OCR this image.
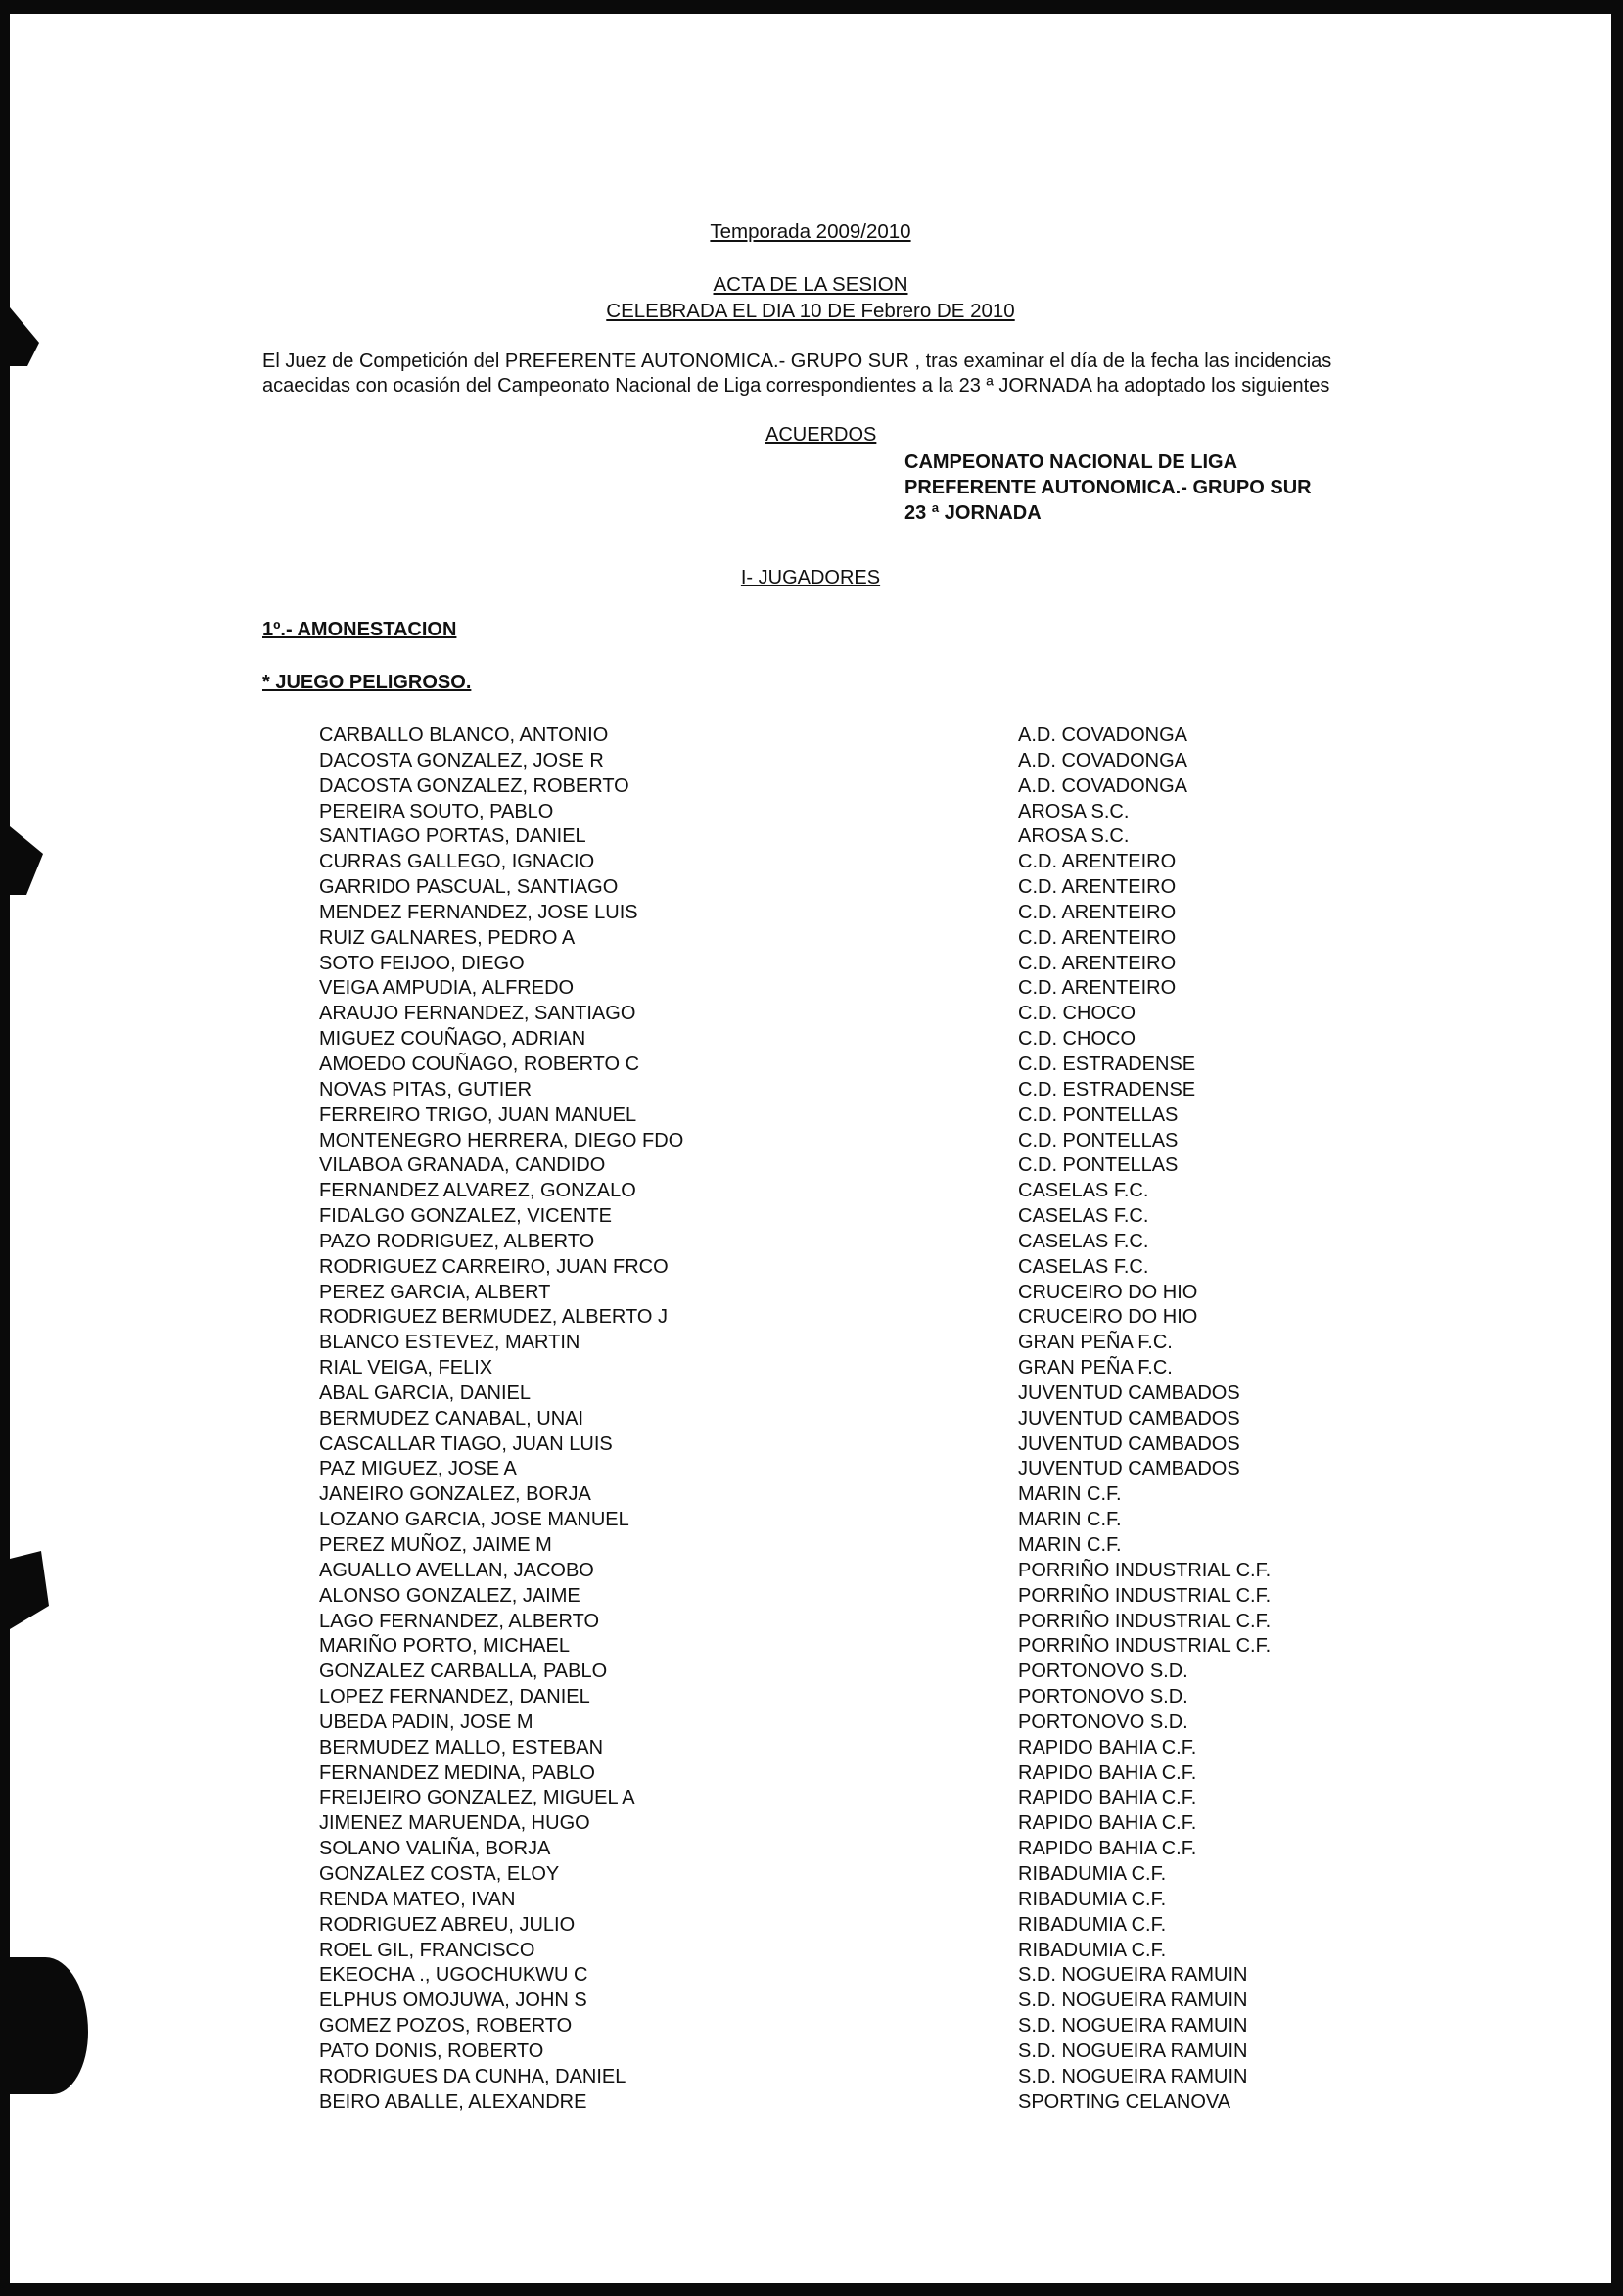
Temporada 2009/2010
ACTA DE LA SESION
CELEBRADA EL DIA 10 DE Febrero DE 2010
El Juez de Competición del PREFERENTE AUTONOMICA.- GRUPO SUR , tras examinar el día de la fecha las incidencias
acaecidas con ocasión del Campeonato Nacional de Liga correspondientes a la 23 ª JORNADA ha adoptado los siguientes
ACUERDOS
CAMPEONATO NACIONAL DE LIGA
PREFERENTE AUTONOMICA.- GRUPO SUR
23 ª JORNADA
I- JUGADORES
1º.- AMONESTACION
* JUEGO PELIGROSO.
CARBALLO BLANCO, ANTONIO
DACOSTA GONZALEZ, JOSE R
DACOSTA GONZALEZ, ROBERTO
PEREIRA SOUTO, PABLO
SANTIAGO PORTAS, DANIEL
CURRAS GALLEGO, IGNACIO
GARRIDO PASCUAL, SANTIAGO
MENDEZ FERNANDEZ, JOSE LUIS
RUIZ GALNARES, PEDRO A
SOTO FEIJOO, DIEGO
VEIGA AMPUDIA, ALFREDO
ARAUJO FERNANDEZ, SANTIAGO
MIGUEZ COUÑAGO, ADRIAN
AMOEDO COUÑAGO, ROBERTO C
NOVAS PITAS, GUTIER
FERREIRO TRIGO, JUAN MANUEL
MONTENEGRO HERRERA, DIEGO FDO
VILABOA GRANADA, CANDIDO
FERNANDEZ ALVAREZ, GONZALO
FIDALGO GONZALEZ, VICENTE
PAZO RODRIGUEZ, ALBERTO
RODRIGUEZ CARREIRO, JUAN FRCO
PEREZ GARCIA, ALBERT
RODRIGUEZ BERMUDEZ, ALBERTO J
BLANCO ESTEVEZ, MARTIN
RIAL VEIGA, FELIX
ABAL GARCIA, DANIEL
BERMUDEZ CANABAL, UNAI
CASCALLAR TIAGO, JUAN LUIS
PAZ MIGUEZ, JOSE A
JANEIRO GONZALEZ, BORJA
LOZANO GARCIA, JOSE MANUEL
PEREZ MUÑOZ, JAIME M
AGUALLO AVELLAN, JACOBO
ALONSO GONZALEZ, JAIME
LAGO FERNANDEZ, ALBERTO
MARIÑO PORTO, MICHAEL
GONZALEZ CARBALLA, PABLO
LOPEZ FERNANDEZ, DANIEL
UBEDA PADIN, JOSE M
BERMUDEZ MALLO, ESTEBAN
FERNANDEZ MEDINA, PABLO
FREIJEIRO GONZALEZ, MIGUEL A
JIMENEZ MARUENDA, HUGO
SOLANO VALIÑA, BORJA
GONZALEZ COSTA, ELOY
RENDA MATEO, IVAN
RODRIGUEZ ABREU, JULIO
ROEL GIL, FRANCISCO
EKEOCHA ., UGOCHUKWU C
ELPHUS OMOJUWA, JOHN S
GOMEZ POZOS, ROBERTO
PATO DONIS, ROBERTO
RODRIGUES DA CUNHA, DANIEL
BEIRO ABALLE, ALEXANDRE
A.D. COVADONGA
A.D. COVADONGA
A.D. COVADONGA
AROSA S.C.
AROSA S.C.
C.D. ARENTEIRO
C.D. ARENTEIRO
C.D. ARENTEIRO
C.D. ARENTEIRO
C.D. ARENTEIRO
C.D. ARENTEIRO
C.D. CHOCO
C.D. CHOCO
C.D. ESTRADENSE
C.D. ESTRADENSE
C.D. PONTELLAS
C.D. PONTELLAS
C.D. PONTELLAS
CASELAS F.C.
CASELAS F.C.
CASELAS F.C.
CASELAS F.C.
CRUCEIRO DO HIO
CRUCEIRO DO HIO
GRAN PEÑA F.C.
GRAN PEÑA F.C.
JUVENTUD CAMBADOS
JUVENTUD CAMBADOS
JUVENTUD CAMBADOS
JUVENTUD CAMBADOS
MARIN C.F.
MARIN C.F.
MARIN C.F.
PORRIÑO INDUSTRIAL C.F.
PORRIÑO INDUSTRIAL C.F.
PORRIÑO INDUSTRIAL C.F.
PORRIÑO INDUSTRIAL C.F.
PORTONOVO S.D.
PORTONOVO S.D.
PORTONOVO S.D.
RAPIDO BAHIA C.F.
RAPIDO BAHIA C.F.
RAPIDO BAHIA C.F.
RAPIDO BAHIA C.F.
RAPIDO BAHIA C.F.
RIBADUMIA C.F.
RIBADUMIA C.F.
RIBADUMIA C.F.
RIBADUMIA C.F.
S.D. NOGUEIRA RAMUIN
S.D. NOGUEIRA RAMUIN
S.D. NOGUEIRA RAMUIN
S.D. NOGUEIRA RAMUIN
S.D. NOGUEIRA RAMUIN
SPORTING CELANOVA
